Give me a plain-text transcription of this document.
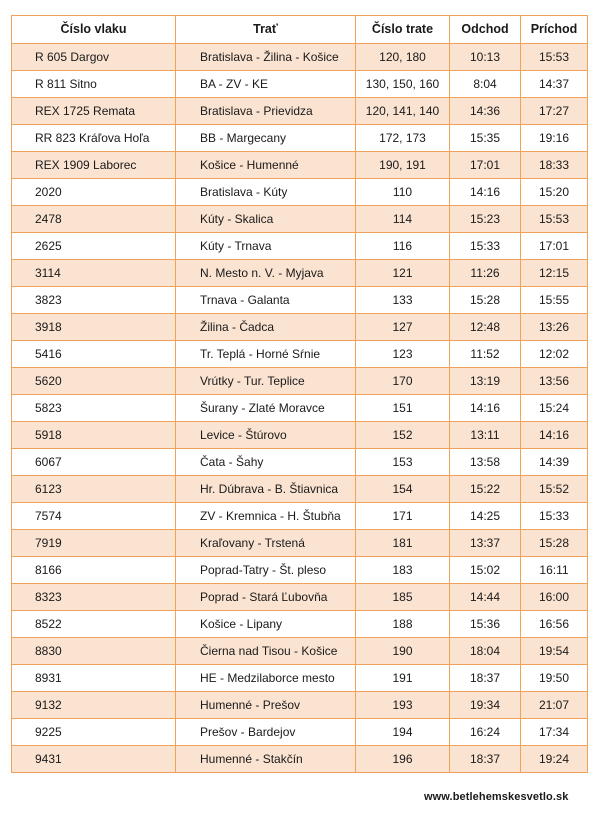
Číslo vlaku	Trať	Číslo trate	Odchod	Príchod
R 605 Dargov	Bratislava - Žilina - Košice	120, 180	10:13	15:53
R 811 Sitno	BA - ZV - KE	130, 150, 160	8:04	14:37
REX 1725 Remata	Bratislava - Prievidza	120, 141, 140	14:36	17:27
RR 823 Kráľova Hoľa	BB - Margecany	172, 173	15:35	19:16
REX 1909 Laborec	Košice - Humenné	190, 191	17:01	18:33
2020	Bratislava - Kúty	110	14:16	15:20
2478	Kúty - Skalica	114	15:23	15:53
2625	Kúty - Trnava	116	15:33	17:01
3114	N. Mesto n. V. - Myjava	121	11:26	12:15
3823	Trnava - Galanta	133	15:28	15:55
3918	Žilina - Čadca	127	12:48	13:26
5416	Tr. Teplá - Horné Sŕnie	123	11:52	12:02
5620	Vrútky - Tur. Teplice	170	13:19	13:56
5823	Šurany - Zlaté Moravce	151	14:16	15:24
5918	Levice - Štúrovo	152	13:11	14:16
6067	Čata - Šahy	153	13:58	14:39
6123	Hr. Dúbrava - B. Štiavnica	154	15:22	15:52
7574	ZV - Kremnica - H. Štubňa	171	14:25	15:33
7919	Kraľovany - Trstená	181	13:37	15:28
8166	Poprad-Tatry - Št. pleso	183	15:02	16:11
8323	Poprad - Stará Ľubovňa	185	14:44	16:00
8522	Košice - Lipany	188	15:36	16:56
8830	Čierna nad Tisou - Košice	190	18:04	19:54
8931	HE - Medzilaborce mesto	191	18:37	19:50
9132	Humenné - Prešov	193	19:34	21:07
9225	Prešov - Bardejov	194	16:24	17:34
9431	Humenné - Stakčín	196	18:37	19:24
www.betlehemskesvetlo.sk
